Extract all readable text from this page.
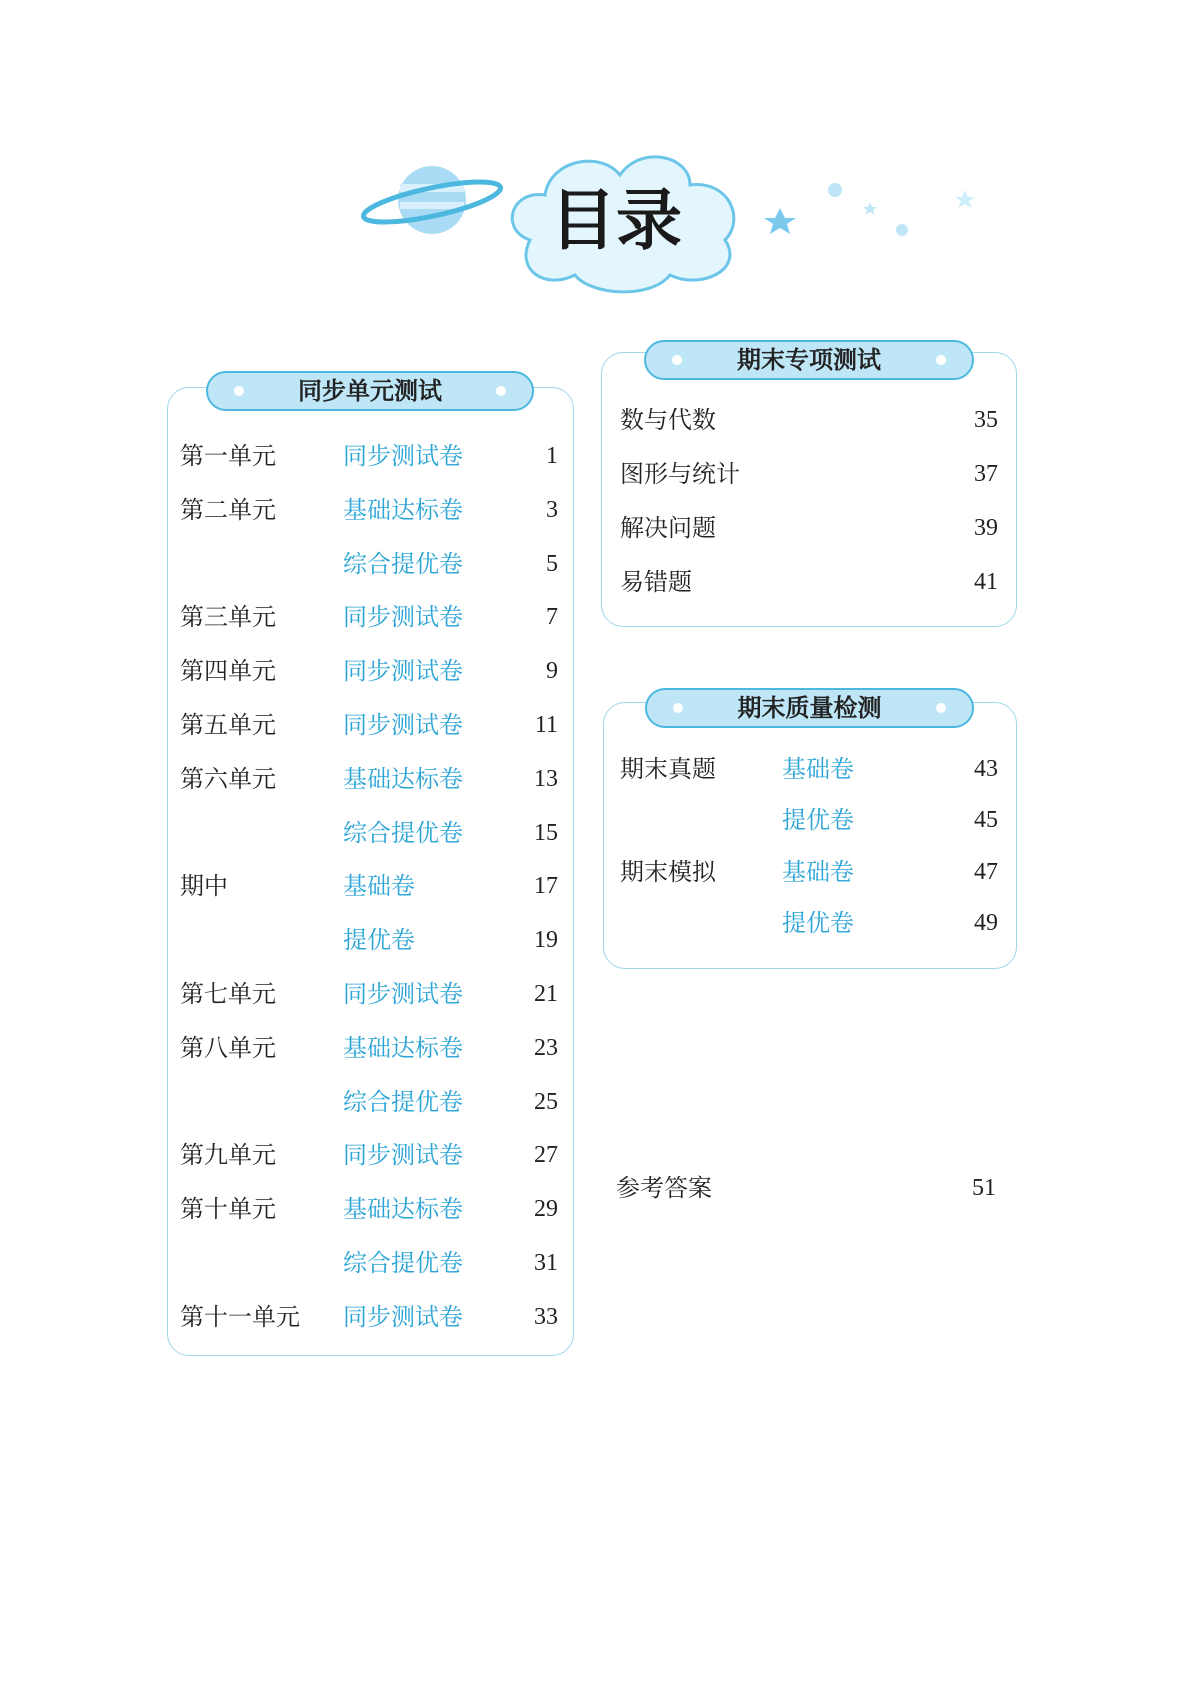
目录
同步单元测试
第一单元	同步测试卷	1
第二单元	基础达标卷	3
综合提优卷	5
第三单元	同步测试卷	7
第四单元	同步测试卷	9
第五单元	同步测试卷	11
第六单元	基础达标卷	13
综合提优卷	15
期中	基础卷	17
提优卷	19
第七单元	同步测试卷	21
第八单元	基础达标卷	23
综合提优卷	25
第九单元	同步测试卷	27
第十单元	基础达标卷	29
综合提优卷	31
第十一单元 同步测试卷	33
期末专项测试
数与代数	35
图形与统计	37
解决问题	39
易错题	41
期末质量检测
期末真题	基础卷	43
提优卷	45
期末模拟	基础卷	47
提优卷	49
参考答案	51
